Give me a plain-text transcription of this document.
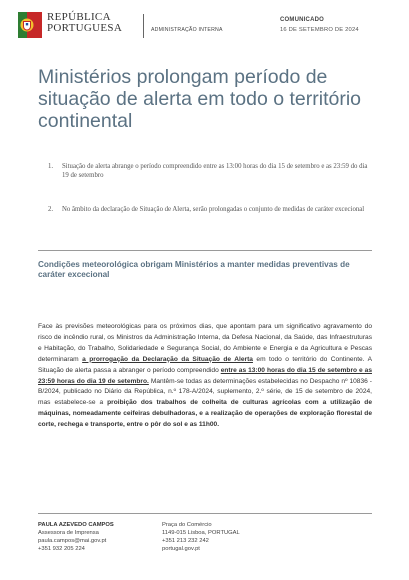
REPÚBLICA
PORTUGUESA	ADMINISTRAÇÃO INTERNA
COMUNICADO
16 DE SETEMBRO DE 2024
Ministérios prolongam período de situação de alerta em todo o território continental
1. Situação de alerta abrange o período compreendido entre as 13:00 horas do dia 15 de setembro e as 23:59 do dia 19 de setembro
2. No âmbito da declaração de Situação de Alerta, serão prolongadas o conjunto de medidas de caráter excecional
Condições meteorológica obrigam Ministérios a manter medidas preventivas de caráter excecional
Face às previsões meteorológicas para os próximos dias, que apontam para um significativo agravamento do risco de incêndio rural, os Ministros da Administração Interna, da Defesa Nacional, da Saúde, das Infraestruturas e Habitação, do Trabalho, Solidariedade e Segurança Social, do Ambiente e Energia e da Agricultura e Pescas determinaram a prorrogação da Declaração da Situação de Alerta em todo o território do Continente. A Situação de alerta passa a abranger o período compreendido entre as 13:00 horas do dia 15 de setembro e as 23:59 horas do dia 19 de setembro. Mantêm-se todas as determinações estabelecidas no Despacho nº 10836 -B/2024, publicado no Diário da República, n.º 178-A/2024, suplemento, 2.º série, de 15 de setembro de 2024, mas estabelece-se a proibição dos trabalhos de colheita de culturas agrícolas com a utilização de máquinas, nomeadamente ceifeiras debulhadoras, e a realização de operações de exploração florestal de corte, rechega e transporte, entre o pôr do sol e as 11h00.
PAULA AZEVEDO CAMPOS
Assessora de Imprensa
paula.campos@mai.gov.pt
+351 932 205 224
Praça do Comércio
1149-015 Lisboa, PORTUGAL
+351 213 232 242
portugal.gov.pt
